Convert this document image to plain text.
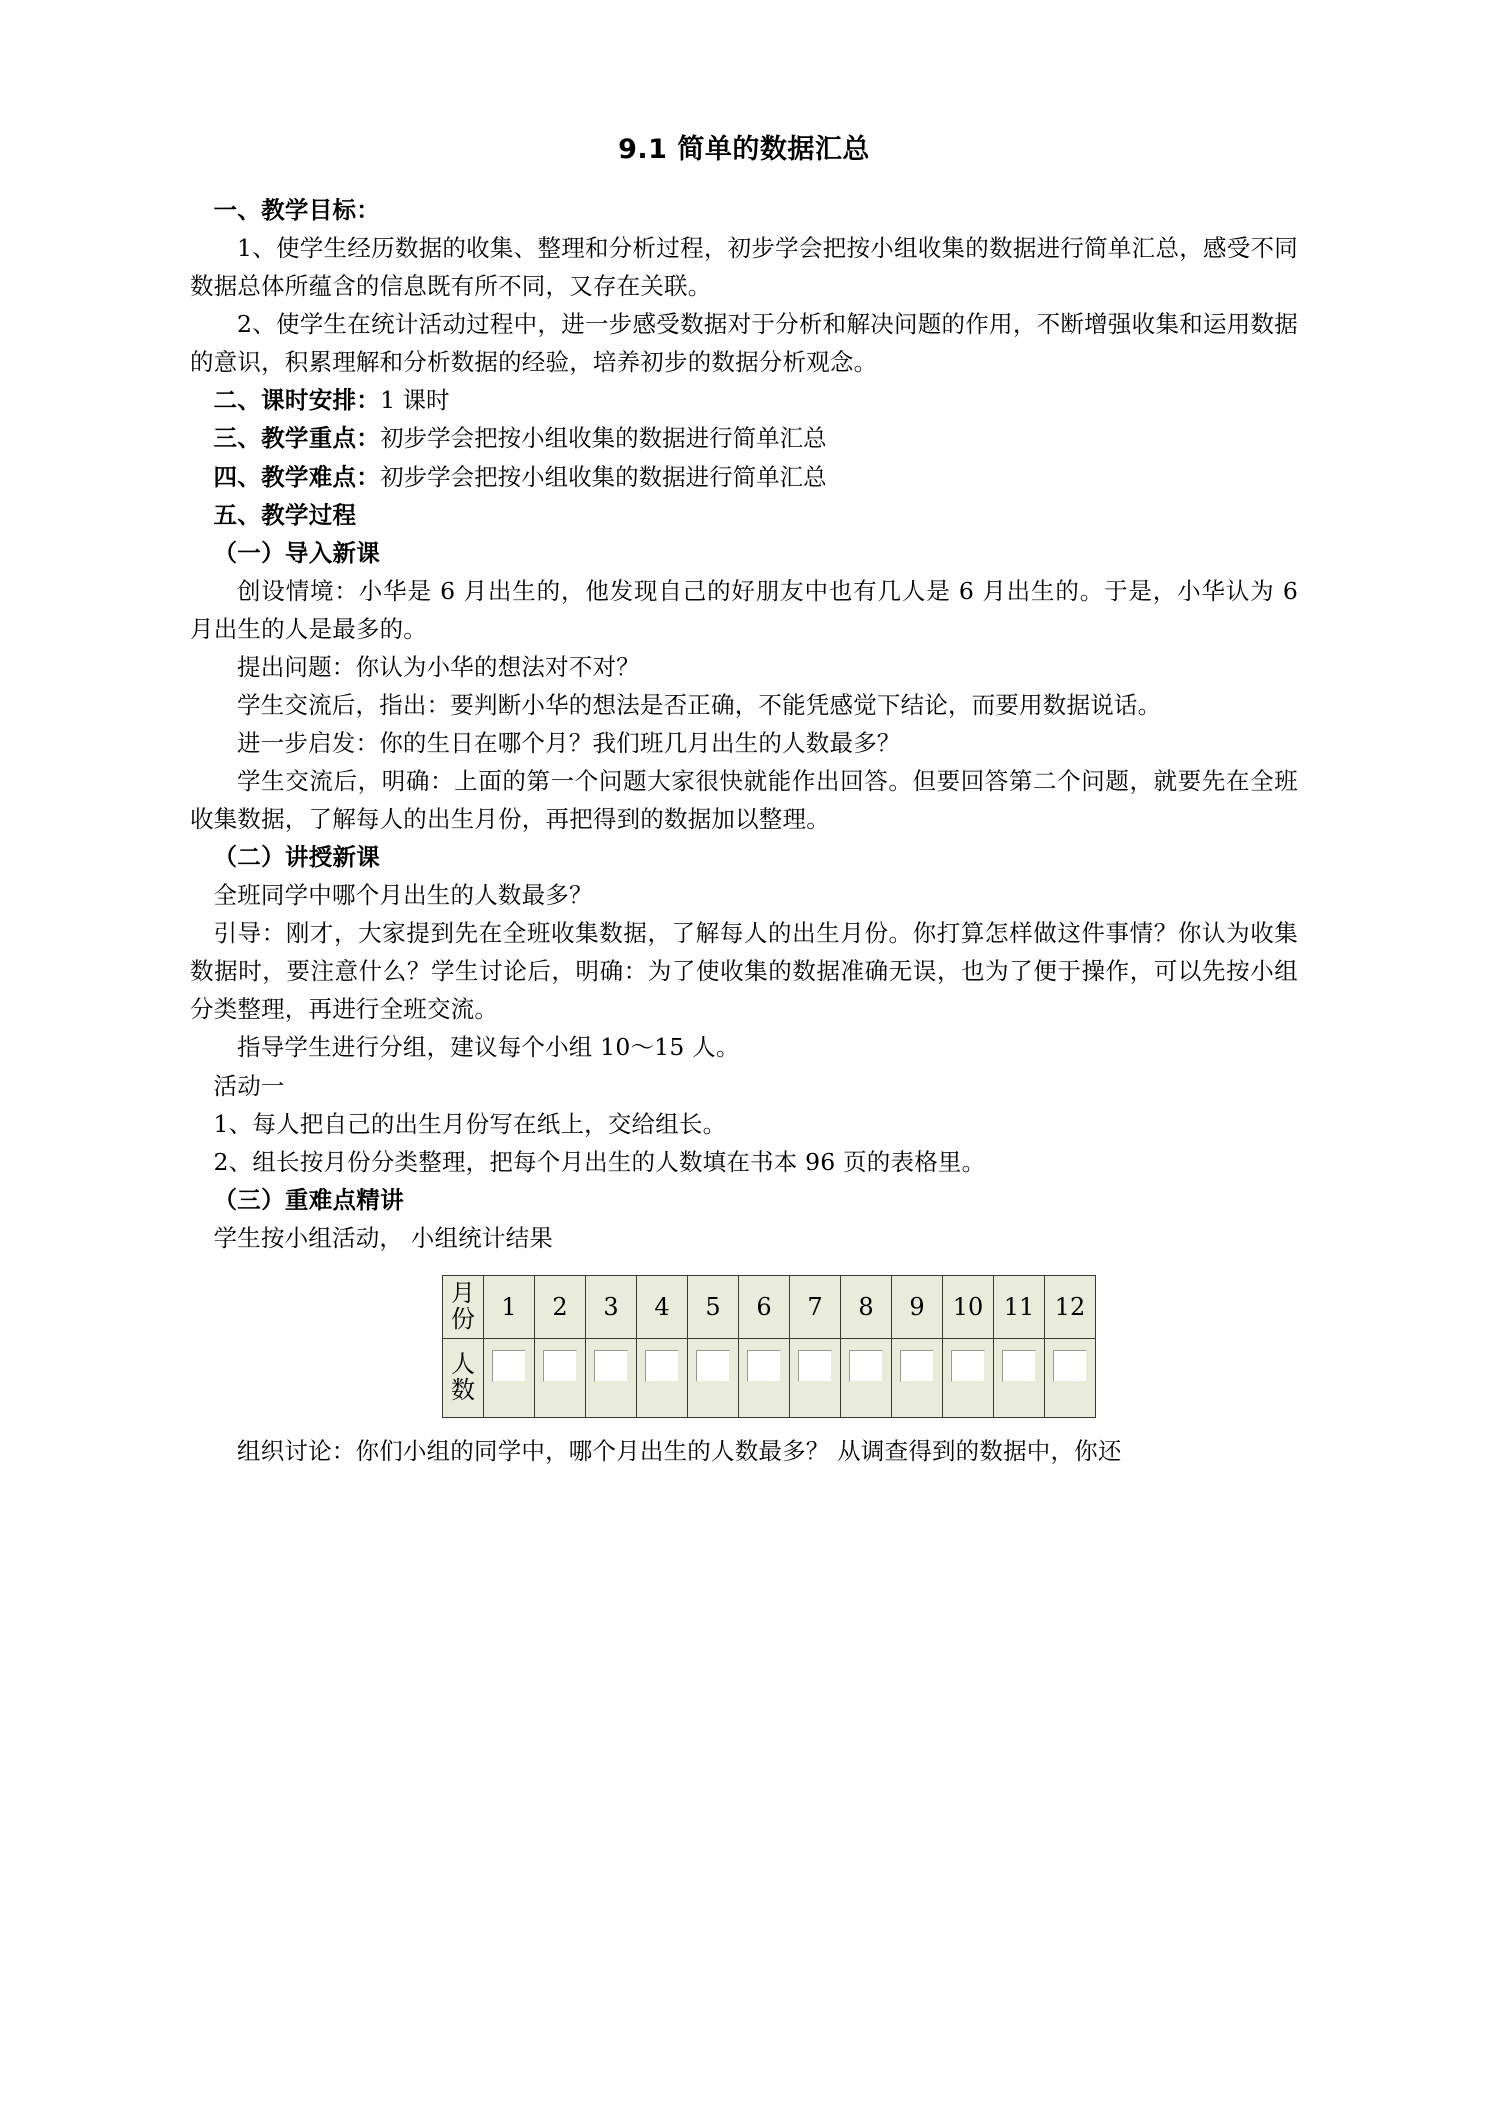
9.1 简单的数据汇总

一、教学目标：

1、使学生经历数据的收集、整理和分析过程，初步学会把按小组收集的数据进行简单汇总，感受不同数据总体所蕴含的信息既有所不同，又存在关联。

2、使学生在统计活动过程中，进一步感受数据对于分析和解决问题的作用，不断增强收集和运用数据的意识，积累理解和分析数据的经验，培养初步的数据分析观念。

二、课时安排：1 课时

三、教学重点：初步学会把按小组收集的数据进行简单汇总

四、教学难点：初步学会把按小组收集的数据进行简单汇总

五、教学过程

（一）导入新课

创设情境：小华是 6 月出生的，他发现自己的好朋友中也有几人是 6 月出生的。于是，小华认为 6 月出生的人是最多的。

提出问题：你认为小华的想法对不对？

学生交流后，指出：要判断小华的想法是否正确，不能凭感觉下结论，而要用数据说话。

进一步启发：你的生日在哪个月？我们班几月出生的人数最多？

学生交流后，明确：上面的第一个问题大家很快就能作出回答。但要回答第二个问题，就要先在全班收集数据，了解每人的出生月份，再把得到的数据加以整理。

（二）讲授新课

全班同学中哪个月出生的人数最多？

引导：刚才，大家提到先在全班收集数据，了解每人的出生月份。你打算怎样做这件事情？你认为收集数据时，要注意什么？学生讨论后，明确：为了使收集的数据准确无误，也为了便于操作，可以先按小组分类整理，再进行全班交流。

指导学生进行分组，建议每个小组 10～15 人。

活动一

1、每人把自己的出生月份写在纸上，交给组长。

2、组长按月份分类整理，把每个月出生的人数填在书本 96 页的表格里。

（三）重难点精讲

学生按小组活动， 小组统计结果

月
份	1	2	3	4	5	6	7	8	9	10	11	12

人
数												

组织讨论：你们小组的同学中，哪个月出生的人数最多？ 从调查得到的数据中，你还
